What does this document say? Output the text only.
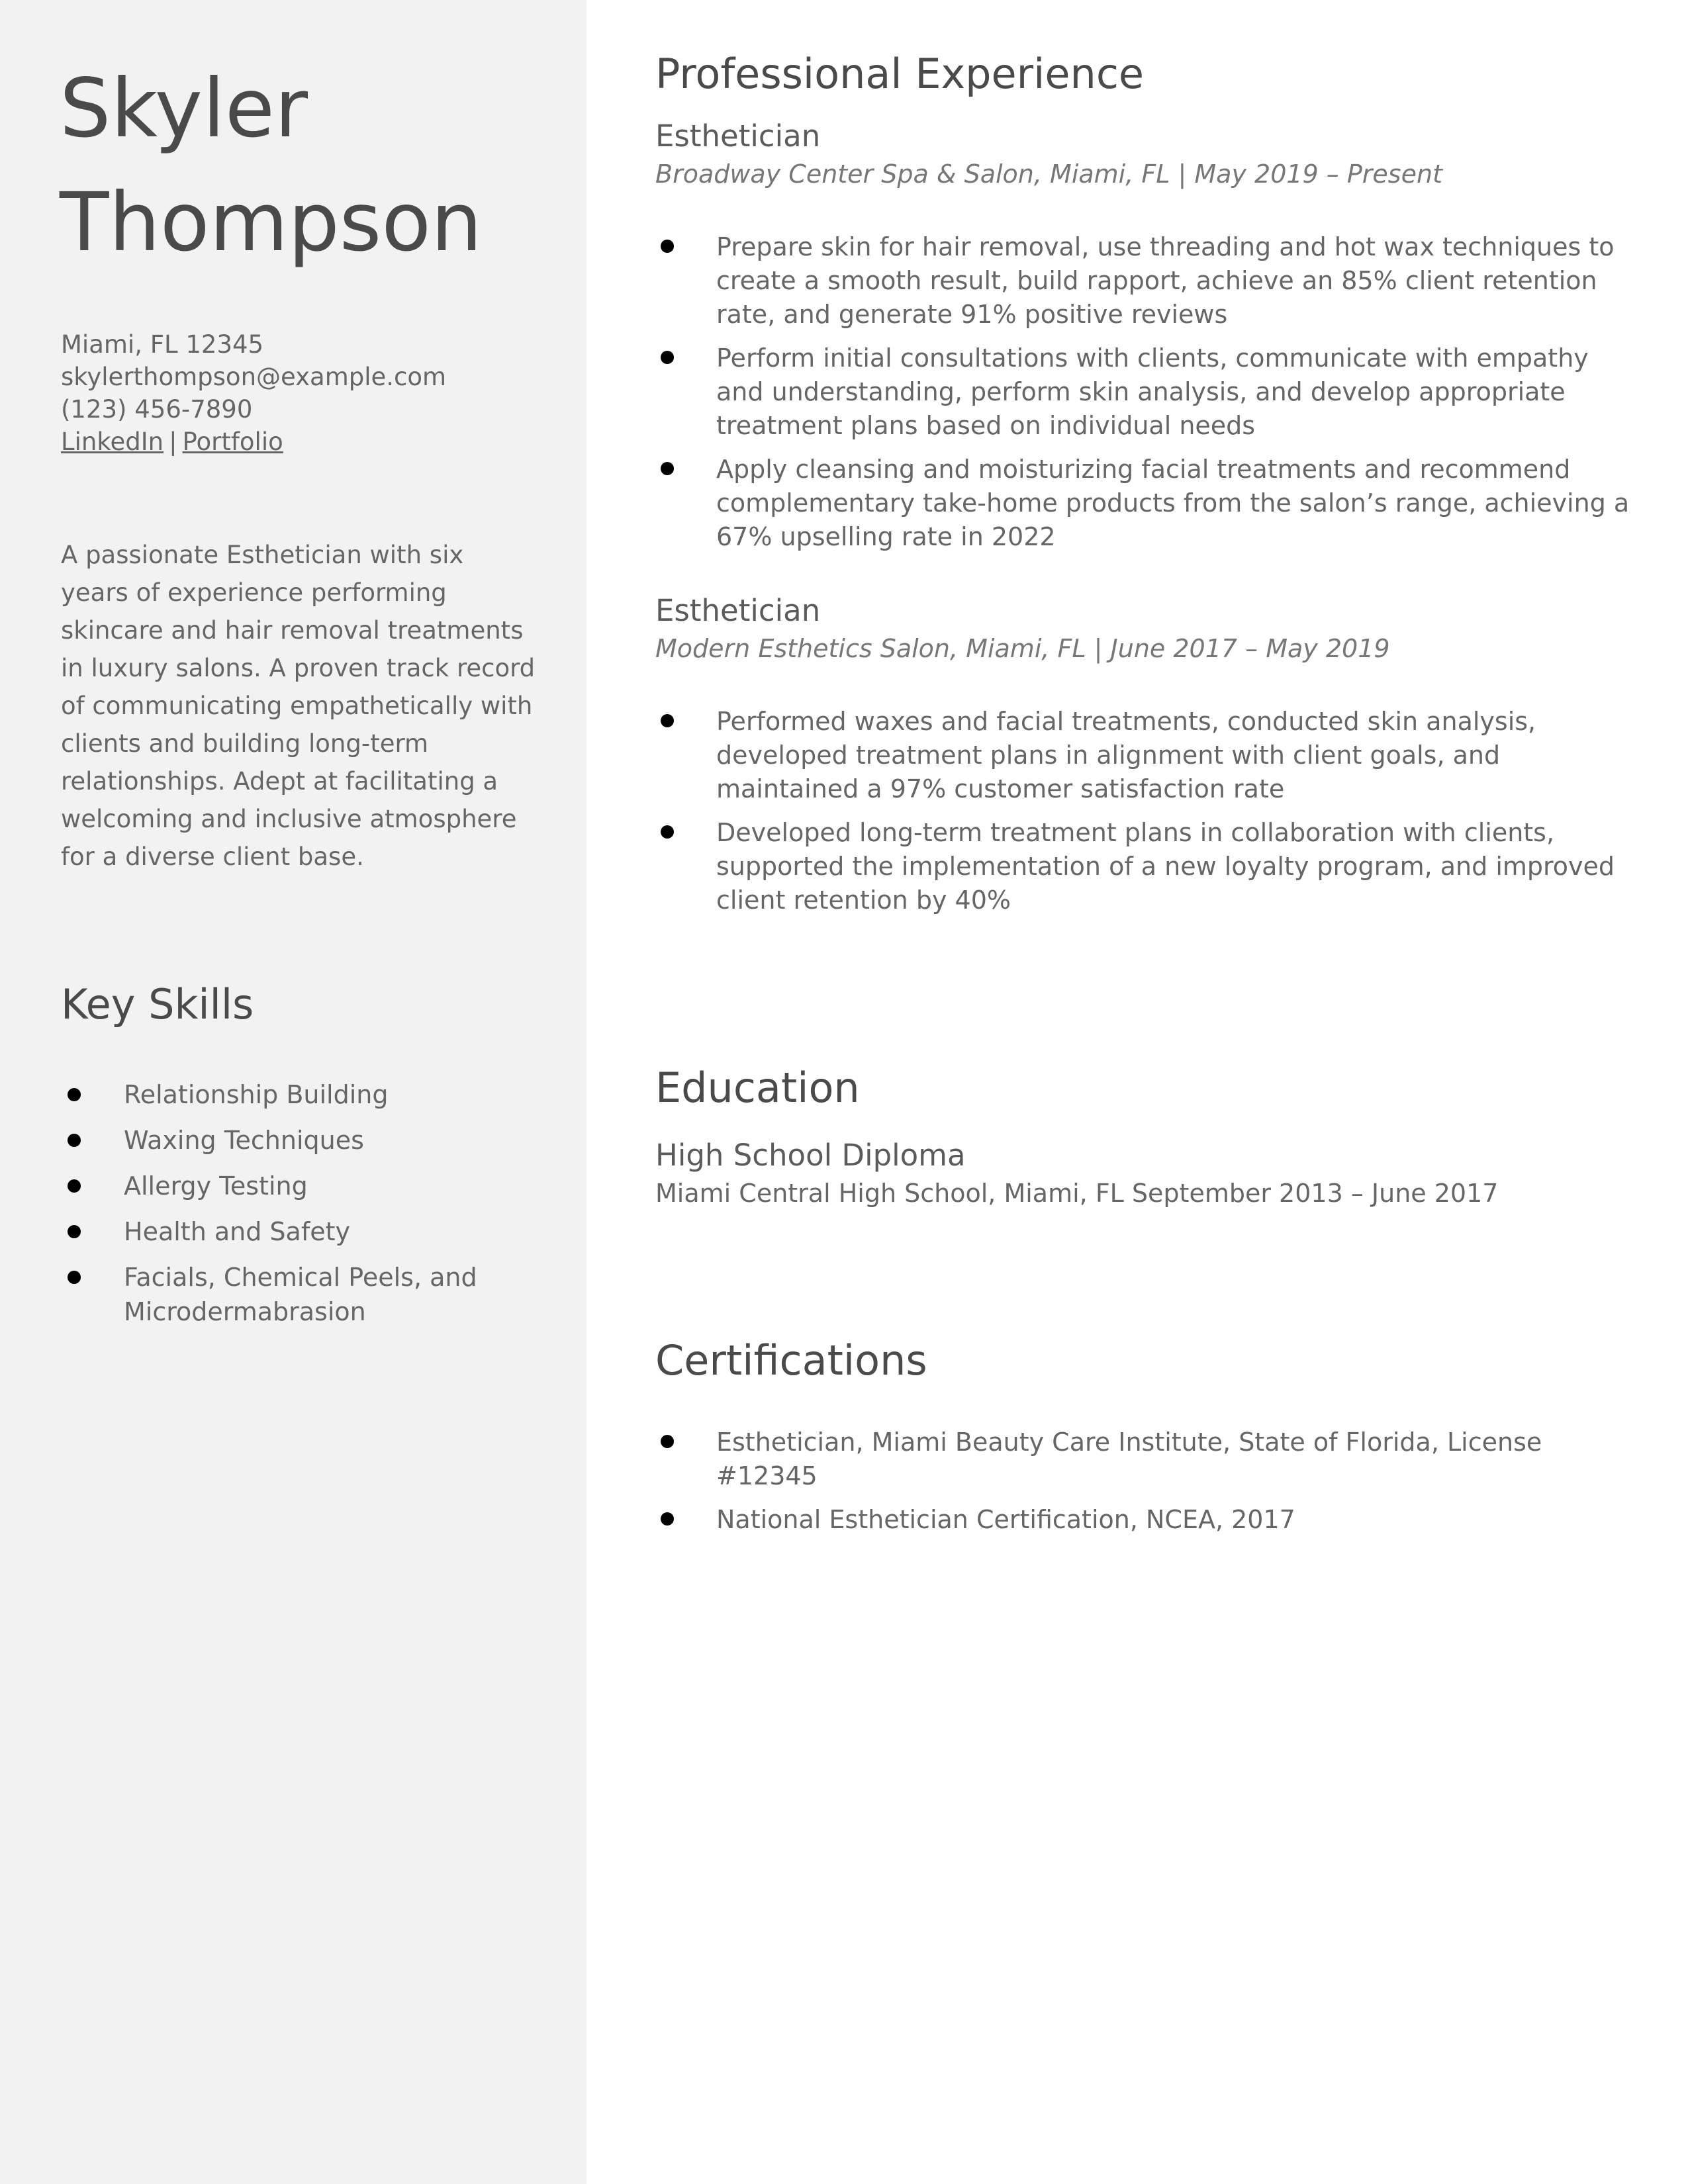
Skyler
Thompson
Miami, FL 12345
skylerthompson@example.com
(123) 456-7890
LinkedIn | Portfolio

A passionate Esthetician with six years of experience performing skincare and hair removal treatments in luxury salons. A proven track record of communicating empathetically with clients and building long-term relationships. Adept at facilitating a welcoming and inclusive atmosphere for a diverse client base.

Key Skills
Relationship Building
Waxing Techniques
Allergy Testing
Health and Safety
Facials, Chemical Peels, and Microdermabrasion
Professional Experience
Esthetician

Broadway Center Spa & Salon, Miami, FL | May 2019 – Present

Prepare skin for hair removal, use threading and hot wax techniques to create a smooth result, build rapport, achieve an 85% client retention rate, and generate 91% positive reviews
Perform initial consultations with clients, communicate with empathy and understanding, perform skin analysis, and develop appropriate treatment plans based on individual needs
Apply cleansing and moisturizing facial treatments and recommend complementary take-home products from the salon’s range, achieving a 67% upselling rate in 2022
Esthetician

Modern Esthetics Salon, Miami, FL | June 2017 – May 2019

Performed waxes and facial treatments, conducted skin analysis, developed treatment plans in alignment with client goals, and maintained a 97% customer satisfaction rate
Developed long-term treatment plans in collaboration with clients, supported the implementation of a new loyalty program, and improved client retention by 40%
Education
High School Diploma

Miami Central High School, Miami, FL September 2013 – June 2017

Certifications
Esthetician, Miami Beauty Care Institute, State of Florida, License #12345
National Esthetician Certification, NCEA, 2017
